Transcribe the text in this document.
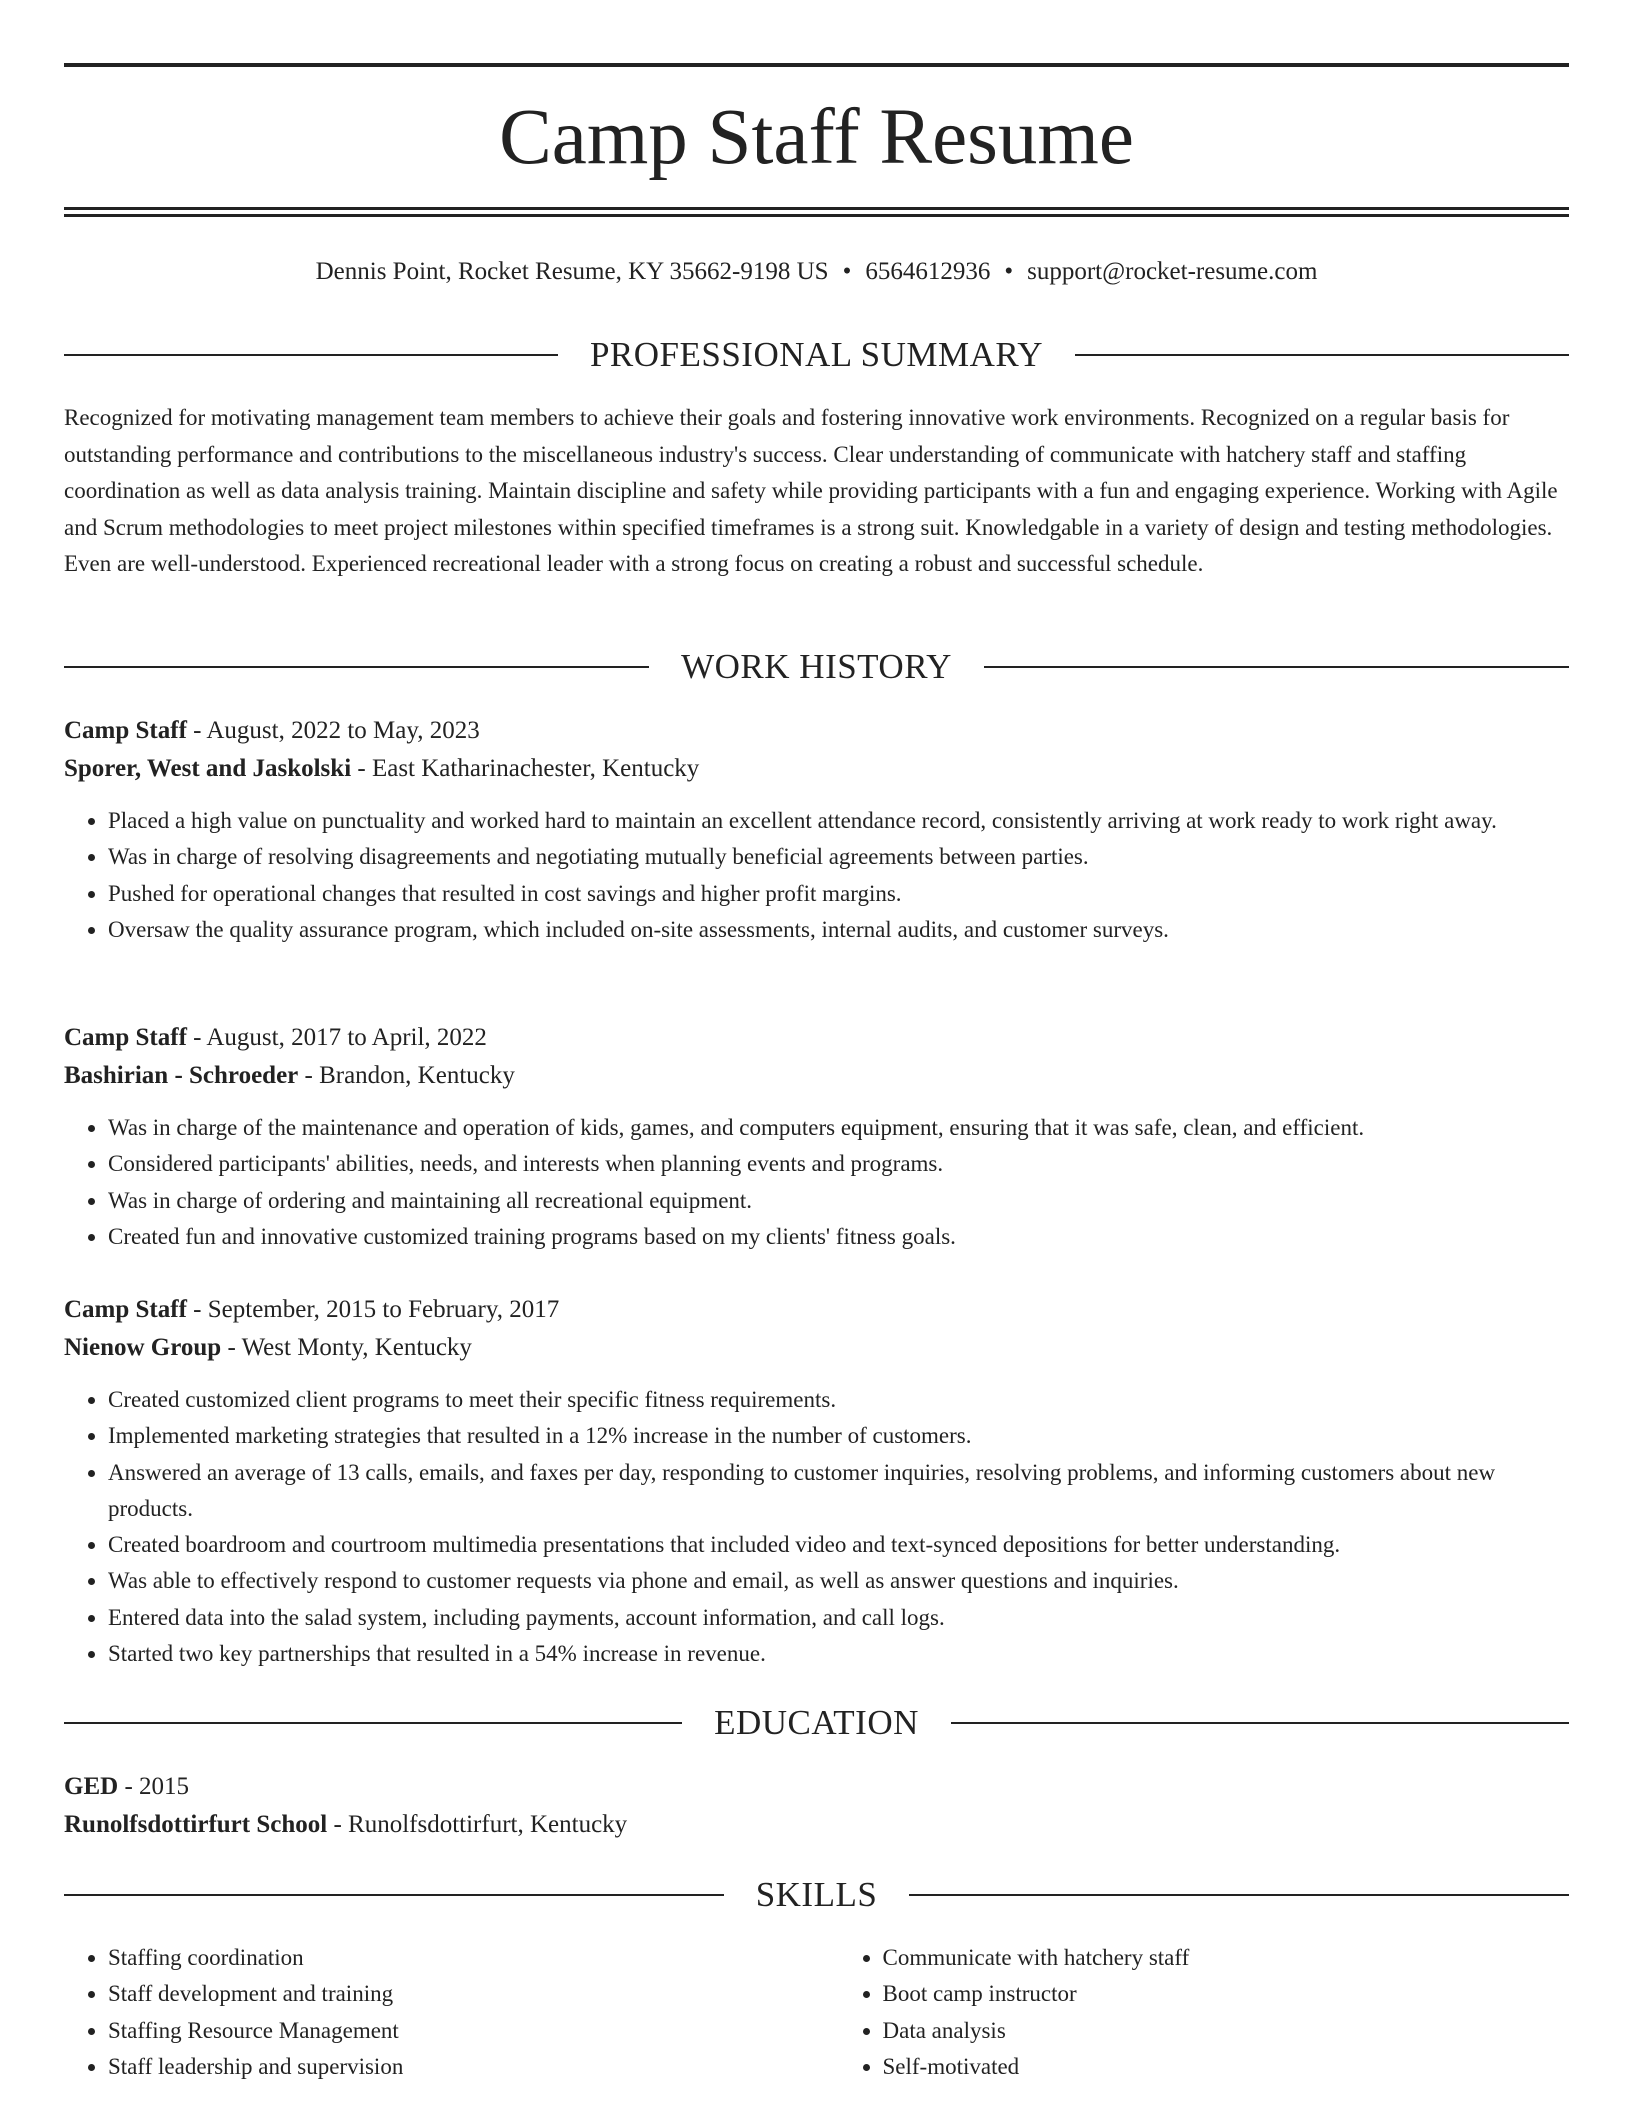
Camp Staff Resume
Dennis Point, Rocket Resume, KY 35662-9198 US • 6564612936 • support@rocket-resume.com
PROFESSIONAL SUMMARY

Recognized for motivating management team members to achieve their goals and fostering innovative work environments. Recognized on a regular basis for outstanding performance and contributions to the miscellaneous industry's success. Clear understanding of communicate with hatchery staff and staffing coordination as well as data analysis training. Maintain discipline and safety while providing participants with a fun and engaging experience. Working with Agile and Scrum methodologies to meet project milestones within specified timeframes is a strong suit. Knowledgable in a variety of design and testing methodologies. Even are well-understood. Experienced recreational leader with a strong focus on creating a robust and successful schedule.

WORK HISTORY

Camp Staff - August, 2022 to May, 2023

Sporer, West and Jaskolski - East Katharinachester, Kentucky

• Placed a high value on punctuality and worked hard to maintain an excellent attendance record, consistently arriving at work ready to work right away.
• Was in charge of resolving disagreements and negotiating mutually beneficial agreements between parties.
• Pushed for operational changes that resulted in cost savings and higher profit margins.
• Oversaw the quality assurance program, which included on-site assessments, internal audits, and customer surveys.

Camp Staff - August, 2017 to April, 2022

Bashirian - Schroeder - Brandon, Kentucky

• Was in charge of the maintenance and operation of kids, games, and computers equipment, ensuring that it was safe, clean, and efficient.
• Considered participants' abilities, needs, and interests when planning events and programs.
• Was in charge of ordering and maintaining all recreational equipment.
• Created fun and innovative customized training programs based on my clients' fitness goals.

Camp Staff - September, 2015 to February, 2017

Nienow Group - West Monty, Kentucky

• Created customized client programs to meet their specific fitness requirements.
• Implemented marketing strategies that resulted in a 12% increase in the number of customers.
• Answered an average of 13 calls, emails, and faxes per day, responding to customer inquiries, resolving problems, and informing customers about new products.
• Created boardroom and courtroom multimedia presentations that included video and text-synced depositions for better understanding.
• Was able to effectively respond to customer requests via phone and email, as well as answer questions and inquiries.
• Entered data into the salad system, including payments, account information, and call logs.
• Started two key partnerships that resulted in a 54% increase in revenue.
EDUCATION

GED - 2015

Runolfsdottirfurt School - Runolfsdottirfurt, Kentucky

SKILLS
• Staffing coordination
• Staff development and training
• Staffing Resource Management
• Staff leadership and supervision
• Communicate with hatchery staff
• Boot camp instructor
• Data analysis
• Self-motivated
